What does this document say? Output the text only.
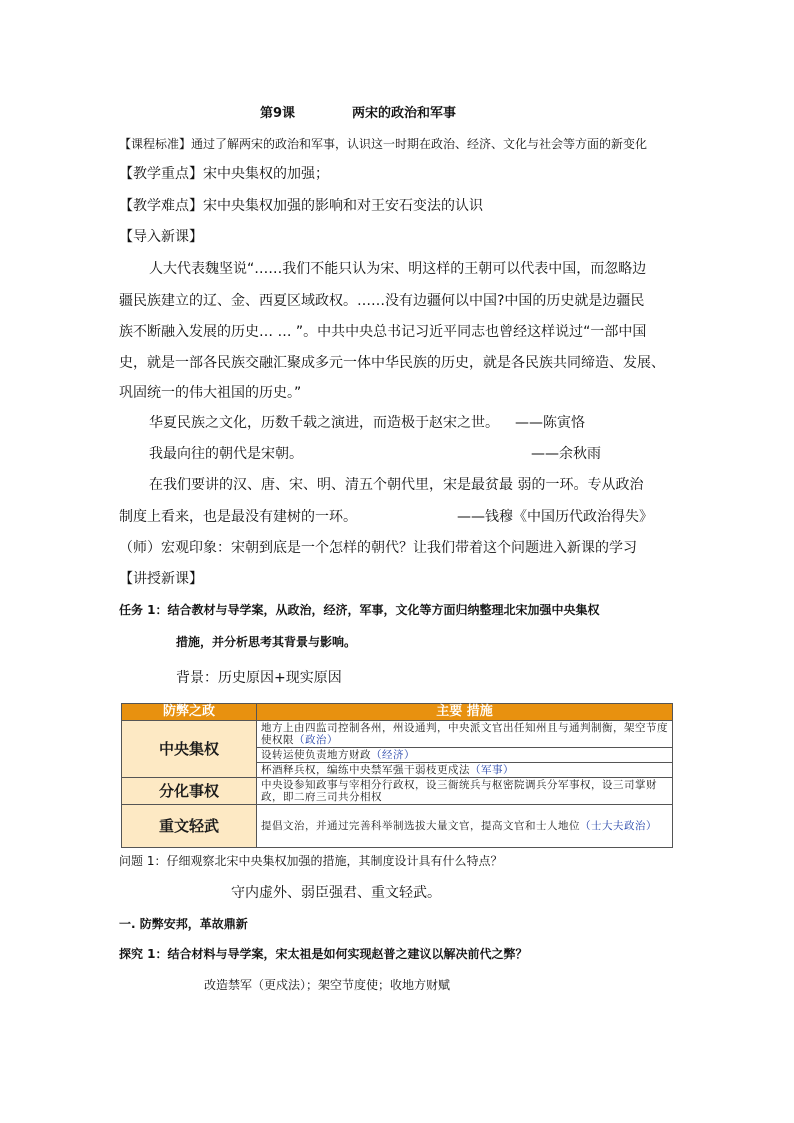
第9课	两宋的政治和军事
【课程标准】通过了解两宋的政治和军事，认识这一时期在政治、经济、文化与社会等方面的新变化
【教学重点】宋中央集权的加强；
【教学难点】宋中央集权加强的影响和对王安石变法的认识
【导入新课】
人大代表魏坚说“……我们不能只认为宋、明这样的王朝可以代表中国，而忽略边
疆民族建立的辽、金、西夏区域政权。……没有边疆何以中国?中国的历史就是边疆民
族不断融入发展的历史… … ”。中共中央总书记习近平同志也曾经这样说过“一部中国
史，就是一部各民族交融汇聚成多元一体中华民族的历史，就是各民族共同缔造、发展、
巩固统一的伟大祖国的历史。”
华夏民族之文化，历数千载之演进，而造极于赵宋之世。	——陈寅恪
我最向往的朝代是宋朝。	——余秋雨
在我们要讲的汉、唐、宋、明、清五个朝代里，宋是最贫最 弱的一环。专从政治
制度上看来，也是最没有建树的一环。	——钱穆《中国历代政治得失》
（师）宏观印象：宋朝到底是一个怎样的朝代？让我们带着这个问题进入新课的学习
【讲授新课】
任务 1：结合教材与导学案，从政治，经济，军事，文化等方面归纳整理北宋加强中央集权
措施，并分析思考其背景与影响。
背景：历史原因+现实原因
防弊之政	主要 措施
中央集权	地方上由四监司控制各州，州设通判，中央派文官出任知州且与通判制衡，架空节度使权限（政治）
	设转运使负责地方财政（经济）
	杯酒释兵权，编练中央禁军强干弱枝更戍法（军事）
分化事权	中央设参知政事与宰相分行政权，设三衙统兵与枢密院调兵分军事权，设三司掌财政，即二府三司共分相权
重文轻武	提倡文治，并通过完善科举制选拔大量文官，提高文官和士人地位（士大夫政治）
问题 1：仔细观察北宋中央集权加强的措施，其制度设计具有什么特点？
守内虚外、弱臣强君、重文轻武。
一. 防弊安邦，革故鼎新
探究 1：结合材料与导学案，宋太祖是如何实现赵普之建议以解决前代之弊？
改造禁军（更戍法）；架空节度使；收地方财赋
